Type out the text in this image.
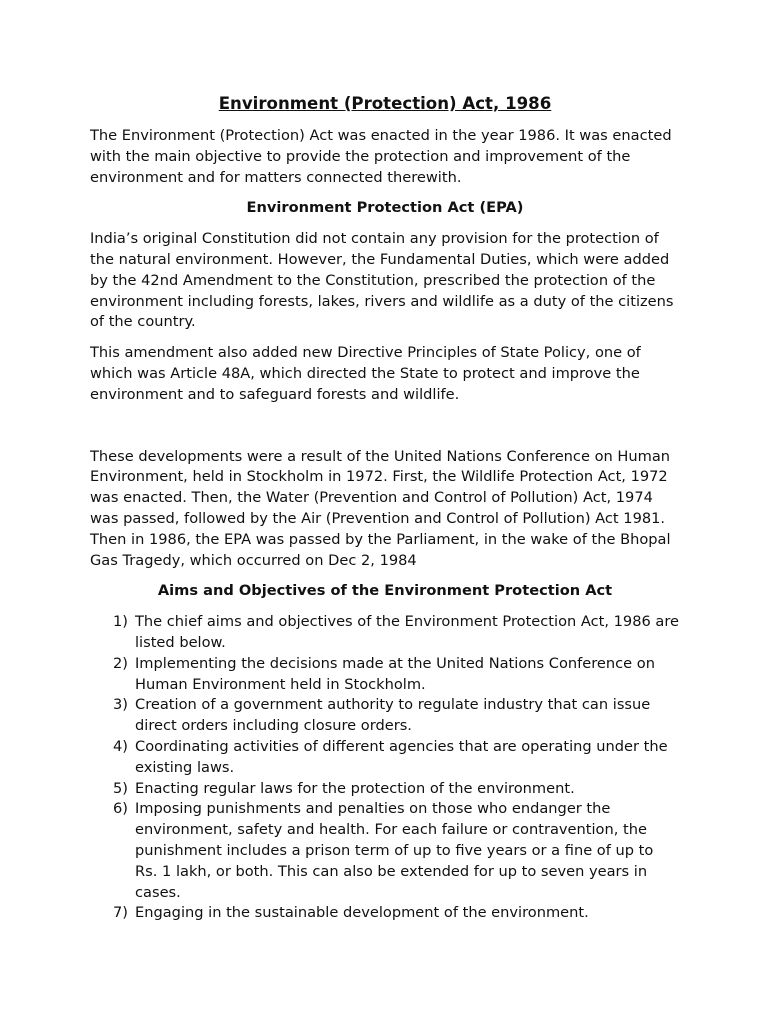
Environment (Protection) Act, 1986

The Environment (Protection) Act was enacted in the year 1986. It was enacted with the main objective to provide the protection and improvement of the environment and for matters connected therewith.

Environment Protection Act (EPA)

India’s original Constitution did not contain any provision for the protection of the natural environment. However, the Fundamental Duties, which were added by the 42nd Amendment to the Constitution, prescribed the protection of the environment including forests, lakes, rivers and wildlife as a duty of the citizens of the country.

This amendment also added new Directive Principles of State Policy, one of which was Article 48A, which directed the State to protect and improve the environment and to safeguard forests and wildlife.

These developments were a result of the United Nations Conference on Human Environment, held in Stockholm in 1972. First, the Wildlife Protection Act, 1972 was enacted. Then, the Water (Prevention and Control of Pollution) Act, 1974 was passed, followed by the Air (Prevention and Control of Pollution) Act 1981. Then in 1986, the EPA was passed by the Parliament, in the wake of the Bhopal Gas Tragedy, which occurred on Dec 2, 1984

Aims and Objectives of the Environment Protection Act
1) The chief aims and objectives of the Environment Protection Act, 1986 are listed below.
2) Implementing the decisions made at the United Nations Conference on Human Environment held in Stockholm.
3) Creation of a government authority to regulate industry that can issue direct orders including closure orders.
4) Coordinating activities of different agencies that are operating under the existing laws.
5) Enacting regular laws for the protection of the environment.
6) Imposing punishments and penalties on those who endanger the environment, safety and health. For each failure or contravention, the punishment includes a prison term of up to five years or a fine of up to Rs. 1 lakh, or both. This can also be extended for up to seven years in cases.
7) Engaging in the sustainable development of the environment.
